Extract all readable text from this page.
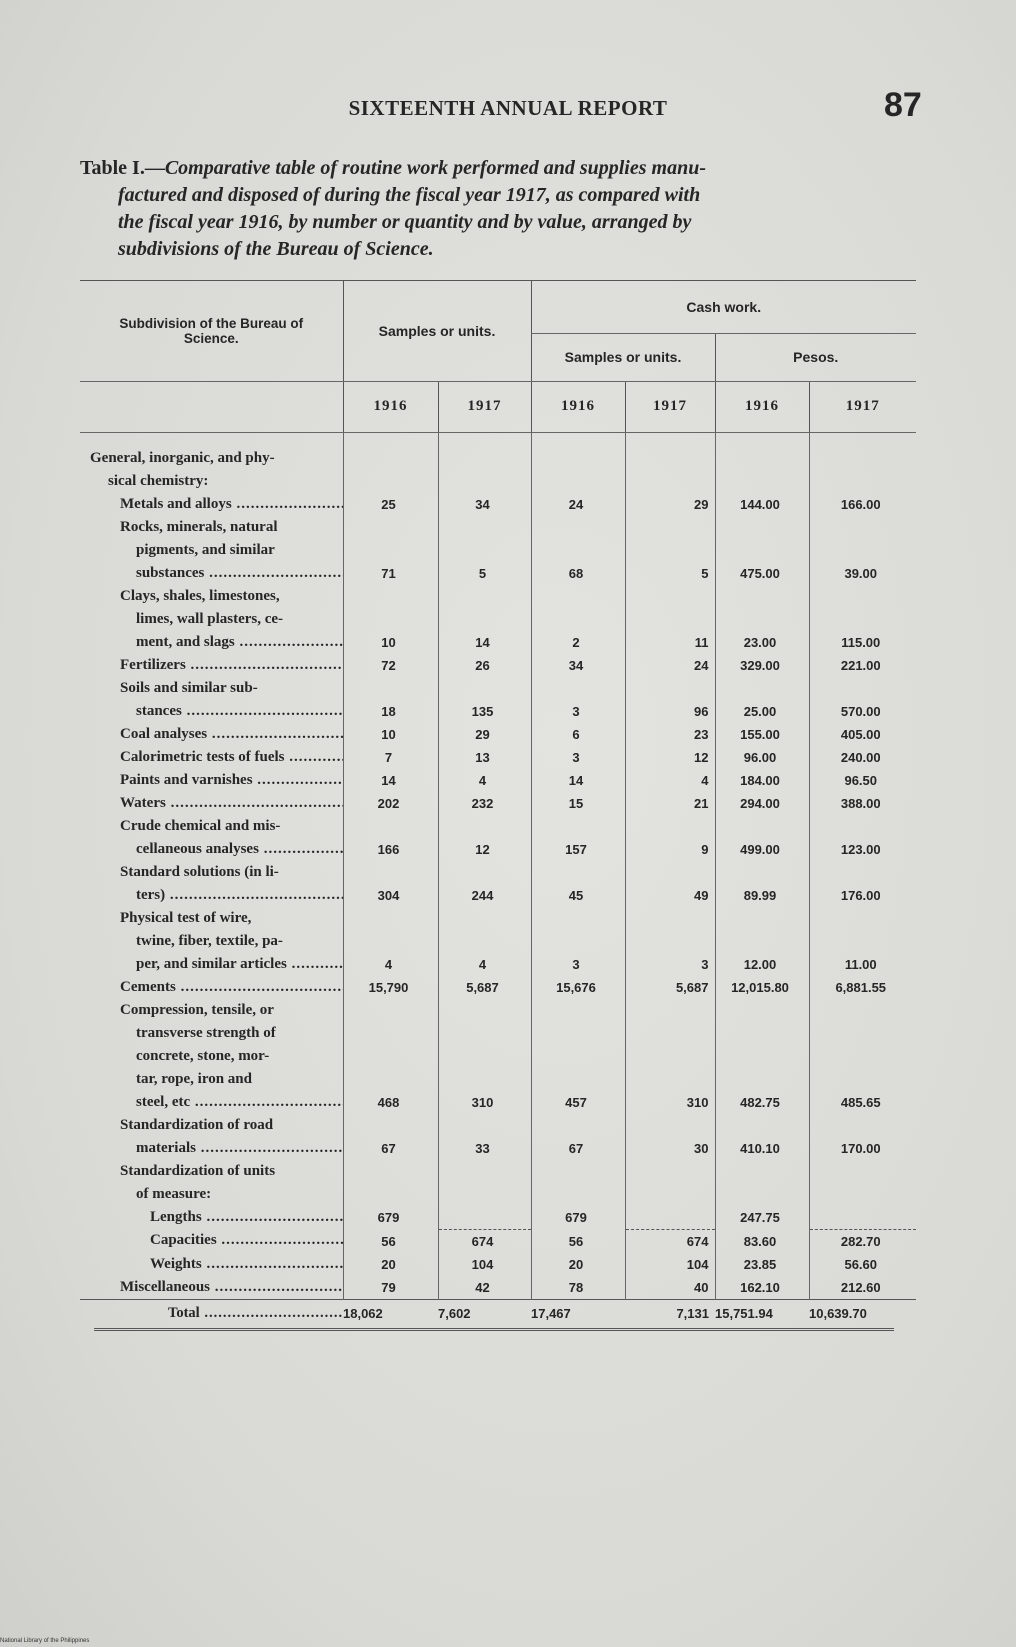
SIXTEENTH ANNUAL REPORT	87
Table I.—Comparative table of routine work performed and supplies manu-
factured and disposed of during the fiscal year 1917, as compared with
the fiscal year 1916, by number or quantity and by value, arranged by
subdivisions of the Bureau of Science.

Subdivision of the Bureau of Science.	Samples or units.		Cash work.			
			Samples or units.		Pesos.	
	1916	1917	1916	1917	1916	1917

General, inorganic, and phy-
sical chemistry:						

Metals and alloys .....	25	34	24	29	144.00	166.00

Rocks, minerals, natural
pigments, and similar
substances .....	71	5	68	5	475.00	39.00

Clays, shales, limestones,
limes, wall plasters, ce-
ment, and slags .....	10	14	2	11	23.00	115.00

Fertilizers .....	72	26	34	24	329.00	221.00

Soils and similar sub-
stances .....	18	135	3	96	25.00	570.00

Coal analyses .....	10	29	6	23	155.00	405.00

Calorimetric tests of fuels .....	7	13	3	12	96.00	240.00

Paints and varnishes .....	14	4	14	4	184.00	96.50

Waters .....	202	232	15	21	294.00	388.00

Crude chemical and mis-
cellaneous analyses .....	166	12	157	9	499.00	123.00

Standard solutions (in li-
ters) .....	304	244	45	49	89.99	176.00

Physical test of wire,
twine, fiber, textile, pa-
per, and similar articles .....	4	4	3	3	12.00	11.00

Cements .....	15,790	5,687	15,676	5,687	12,015.80	6,881.55

Compression, tensile, or
transverse strength of
concrete, stone, mor-
tar, rope, iron and
steel, etc .....	468	310	457	310	482.75	485.65

Standardization of road
materials .....	67	33	67	30	410.10	170.00

Standardization of units
of measure:						

Lengths .....	679		679		247.75	

Capacities .....	56	674	56	674	83.60	282.70

Weights .....	20	104	20	104	23.85	56.60

Miscellaneous .....	79	42	78	40	162.10	212.60

Total .....	18,062	7,602	17,467	7,131	15,751.94	10,639.70
National Library of the Philippines
